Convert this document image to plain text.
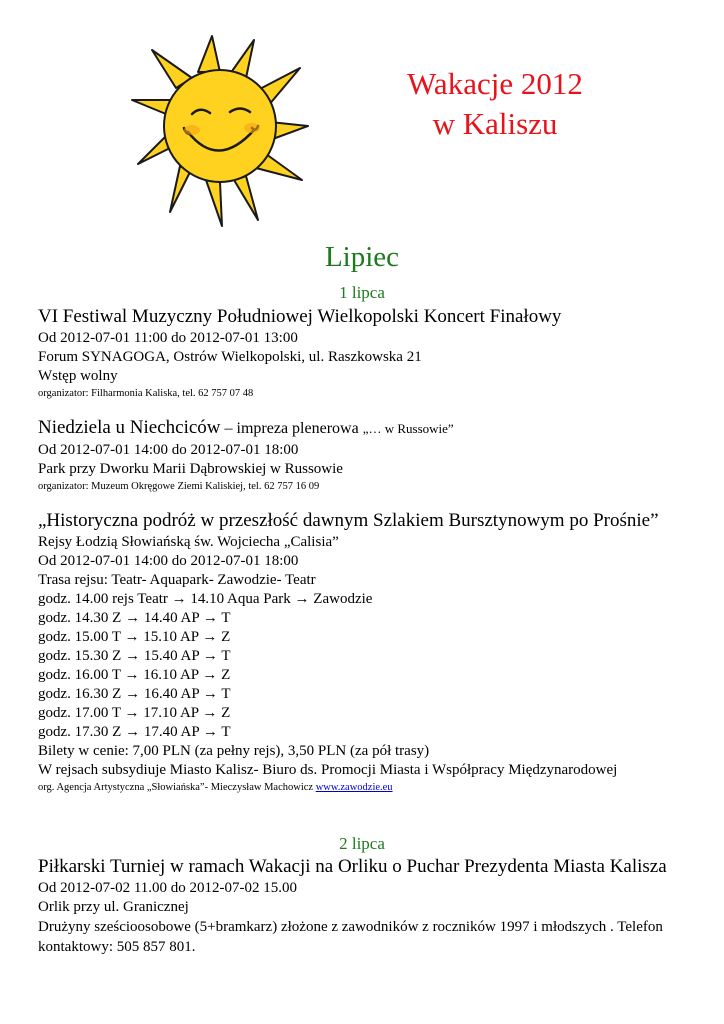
Wakacje 2012
w Kaliszu
Lipiec
1 lipca
VI Festiwal Muzyczny Południowej Wielkopolski Koncert Finałowy
Od 2012-07-01 11:00 do 2012-07-01 13:00
Forum SYNAGOGA, Ostrów Wielkopolski, ul. Raszkowska 21
Wstęp wolny
organizator: Filharmonia Kaliska, tel. 62 757 07 48
Niedziela u Niechciców – impreza plenerowa „… w Russowie”
Od 2012-07-01 14:00 do 2012-07-01 18:00
Park przy Dworku Marii Dąbrowskiej w Russowie
organizator: Muzeum Okręgowe Ziemi Kaliskiej, tel. 62 757 16 09
„Historyczna podróż w przeszłość dawnym Szlakiem Bursztynowym po Prośnie”
Rejsy Łodzią Słowiańską św. Wojciecha „Calisia”
Od 2012-07-01 14:00 do 2012-07-01 18:00
Trasa rejsu: Teatr- Aquapark- Zawodzie- Teatr
godz. 14.00 rejs Teatr → 14.10 Aqua Park → Zawodzie
godz. 14.30 Z → 14.40 AP → T
godz. 15.00 T → 15.10 AP → Z
godz. 15.30 Z → 15.40 AP → T
godz. 16.00 T → 16.10 AP → Z
godz. 16.30 Z → 16.40 AP → T
godz. 17.00 T → 17.10 AP → Z
godz. 17.30 Z → 17.40 AP → T
Bilety w cenie: 7,00 PLN (za pełny rejs), 3,50 PLN (za pół trasy)
W rejsach subsydiuje Miasto Kalisz- Biuro ds. Promocji Miasta i Współpracy Międzynarodowej
org. Agencja Artystyczna „Słowiańska”- Mieczysław Machowicz www.zawodzie.eu
2 lipca
Piłkarski Turniej w ramach Wakacji na Orliku o Puchar Prezydenta Miasta Kalisza
Od 2012-07-02 11.00 do 2012-07-02 15.00
Orlik przy ul. Granicznej
Drużyny sześcioosobowe (5+bramkarz) złożone z zawodników z roczników 1997 i młodszych . Telefon kontaktowy: 505 857 801.
